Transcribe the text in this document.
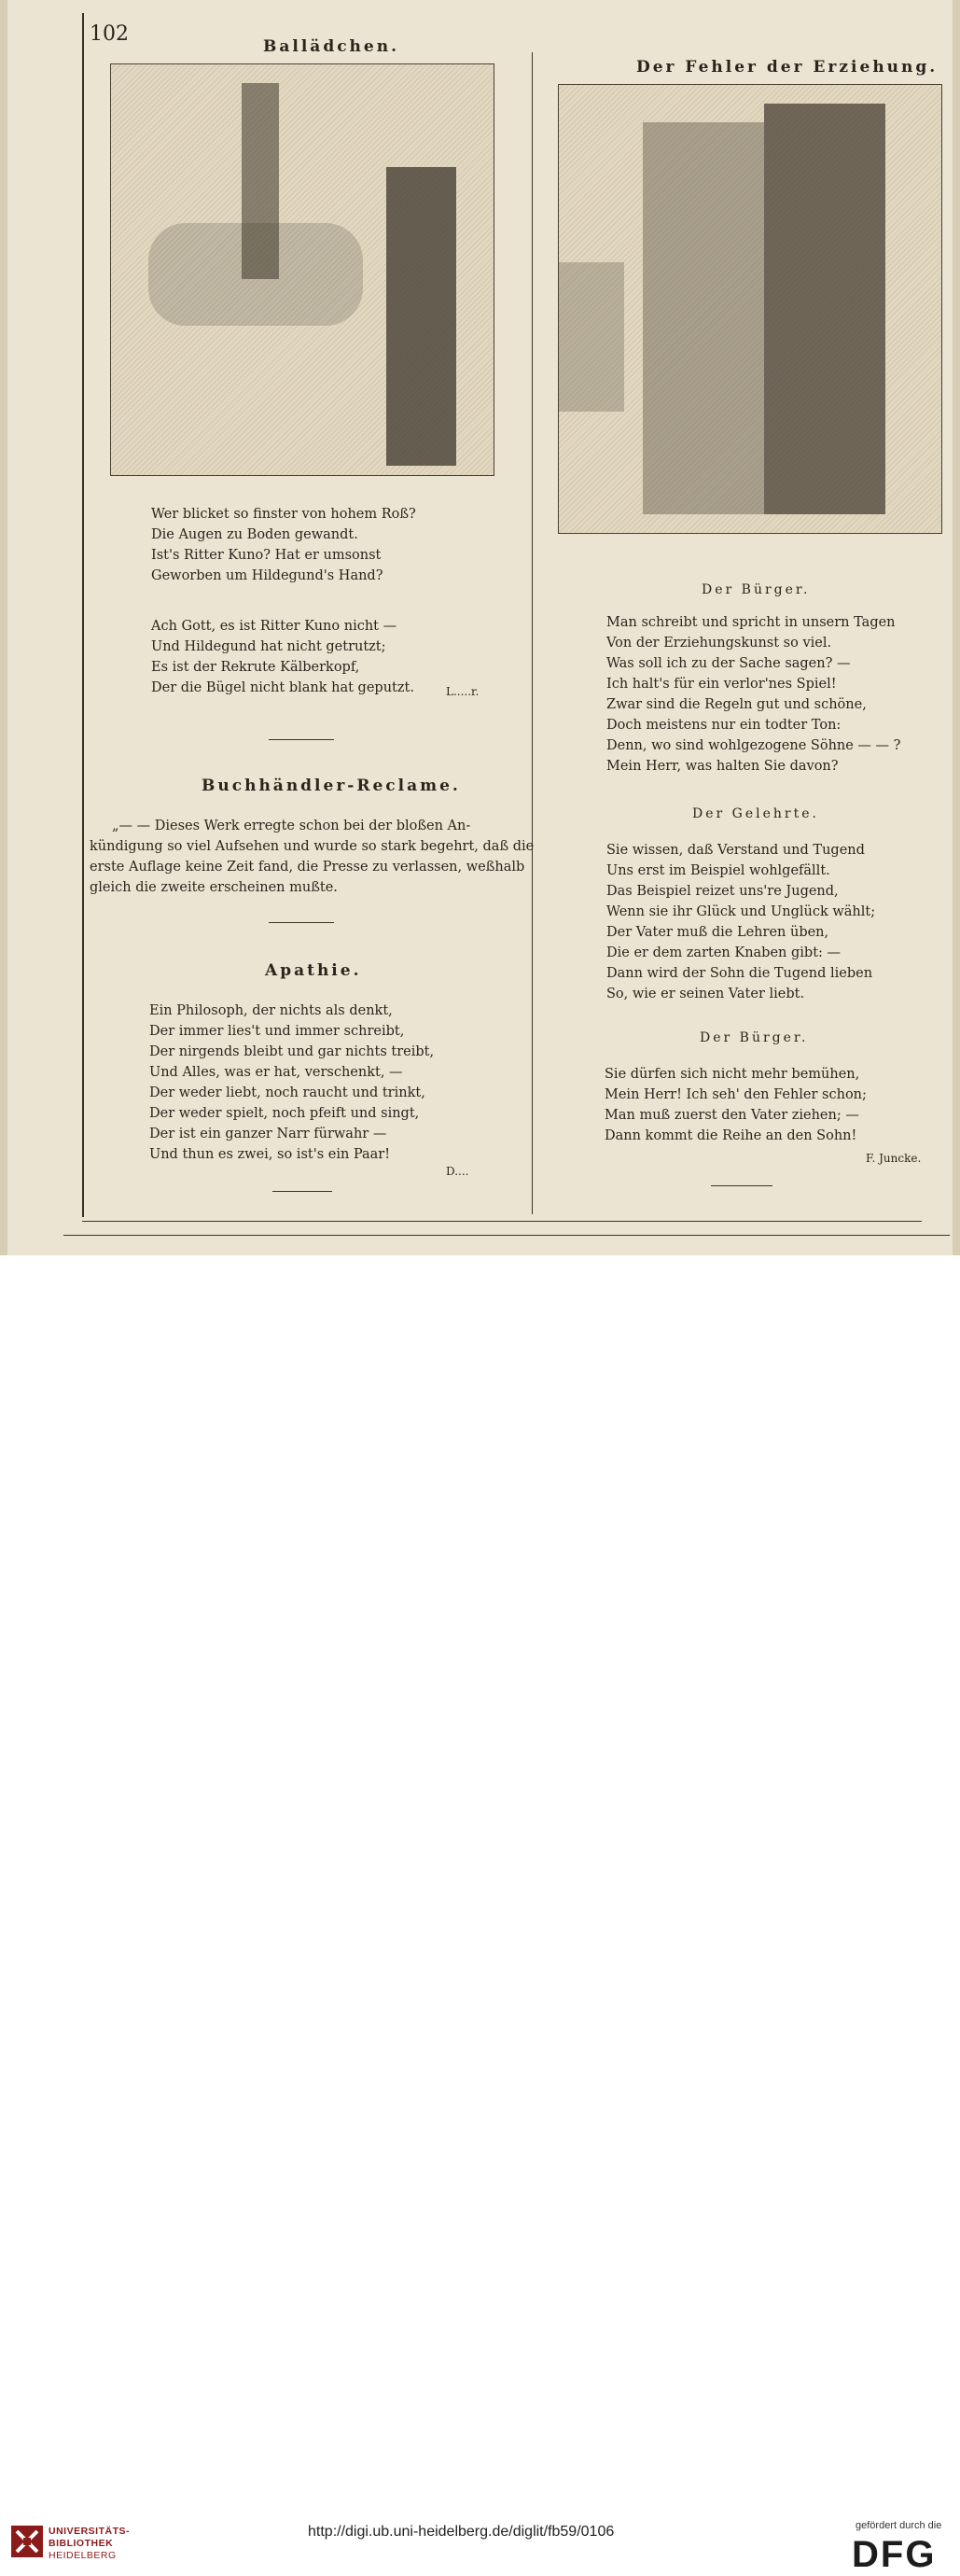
102
Ballädchen.
Wer blicket so finster von hohem Roß?
Die Augen zu Boden gewandt.
Ist's Ritter Kuno? Hat er umsonst
Geworben um Hildegund's Hand?
Ach Gott, es ist Ritter Kuno nicht —
Und Hildegund hat nicht getrutzt;
Es ist der Rekrute Kälberkopf,
Der die Bügel nicht blank hat geputzt.	L.....r.
Buchhändler-Reclame.
„— — Dieses Werk erregte schon bei der bloßen An-
kündigung so viel Aufsehen und wurde so stark begehrt, daß die
erste Auflage keine Zeit fand, die Presse zu verlassen, weßhalb
gleich die zweite erscheinen mußte.
Apathie.
Ein Philosoph, der nichts als denkt,
Der immer lies't und immer schreibt,
Der nirgends bleibt und gar nichts treibt,
Und Alles, was er hat, verschenkt, —
Der weder liebt, noch raucht und trinkt,
Der weder spielt, noch pfeift und singt,
Der ist ein ganzer Narr fürwahr —
Und thun es zwei, so ist's ein Paar!
D....
Der Fehler der Erziehung.
Der Bürger.
Man schreibt und spricht in unsern Tagen
Von der Erziehungskunst so viel.
Was soll ich zu der Sache sagen? —
Ich halt's für ein verlor'nes Spiel!
Zwar sind die Regeln gut und schöne,
Doch meistens nur ein todter Ton:
Denn, wo sind wohlgezogene Söhne — — ?
Mein Herr, was halten Sie davon?
Der Gelehrte.
Sie wissen, daß Verstand und Tugend
Uns erst im Beispiel wohlgefällt.
Das Beispiel reizet uns're Jugend,
Wenn sie ihr Glück und Unglück wählt;
Der Vater muß die Lehren üben,
Die er dem zarten Knaben gibt: —
Dann wird der Sohn die Tugend lieben
So, wie er seinen Vater liebt.
Der Bürger.
Sie dürfen sich nicht mehr bemühen,
Mein Herr! Ich seh' den Fehler schon;
Man muß zuerst den Vater ziehen; —
Dann kommt die Reihe an den Sohn!
F. Juncke.
UNIVERSITÄTS-
BIBLIOTHEK
HEIDELBERG
http://digi.ub.uni-heidelberg.de/diglit/fb59/0106	gefördert durch die
DFG
